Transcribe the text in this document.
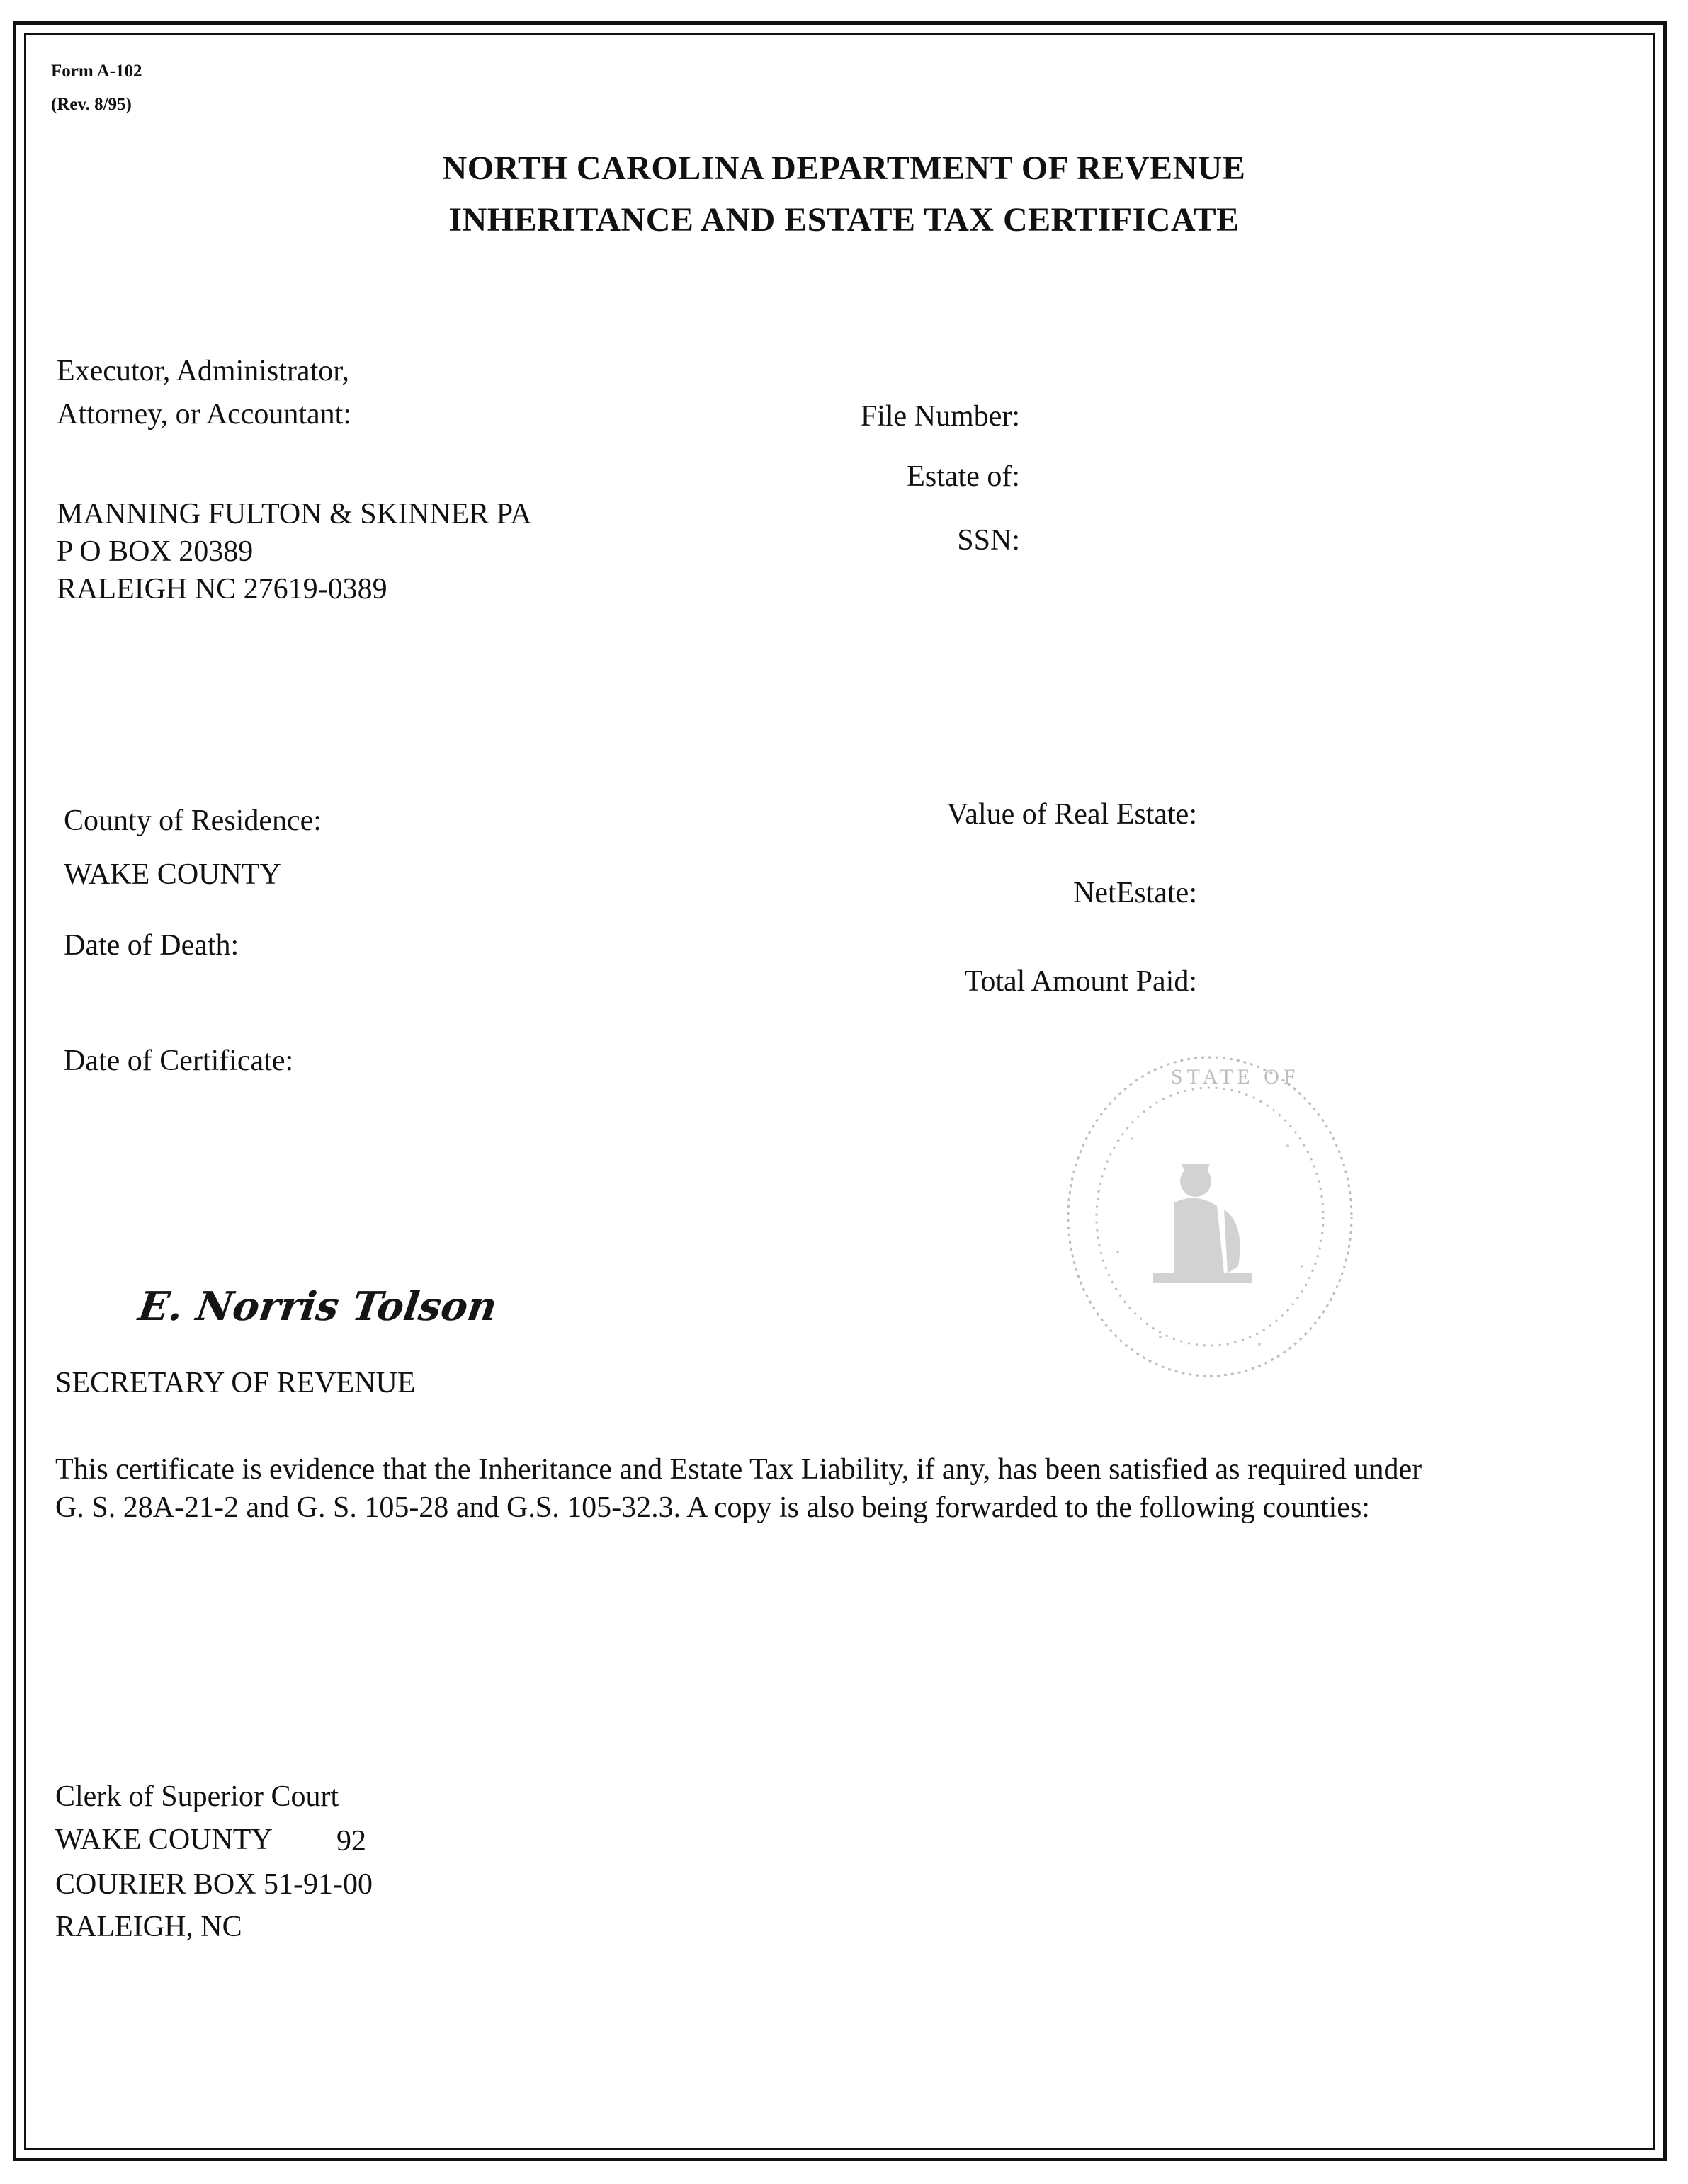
Form A-102
(Rev. 8/95)
NORTH CAROLINA DEPARTMENT OF REVENUE
INHERITANCE AND ESTATE TAX CERTIFICATE
Executor, Administrator,
Attorney, or Accountant:
MANNING FULTON & SKINNER PA
P O BOX 20389
RALEIGH NC 27619-0389
File Number:
Estate of:
SSN:
County of Residence:
WAKE COUNTY
Date of Death:
Date of Certificate:
Value of Real Estate:
NetEstate:
Total Amount Paid:
STATE OF
E. Norris Tolson
SECRETARY OF REVENUE
This certificate is evidence that the Inheritance and Estate Tax Liability, if any, has been satisfied as required under
G. S. 28A-21-2 and G. S. 105-28 and G.S. 105-32.3. A copy is also being forwarded to the following counties:
Clerk of Superior Court
WAKE COUNTY 92
COURIER BOX 51-91-00
RALEIGH, NC
